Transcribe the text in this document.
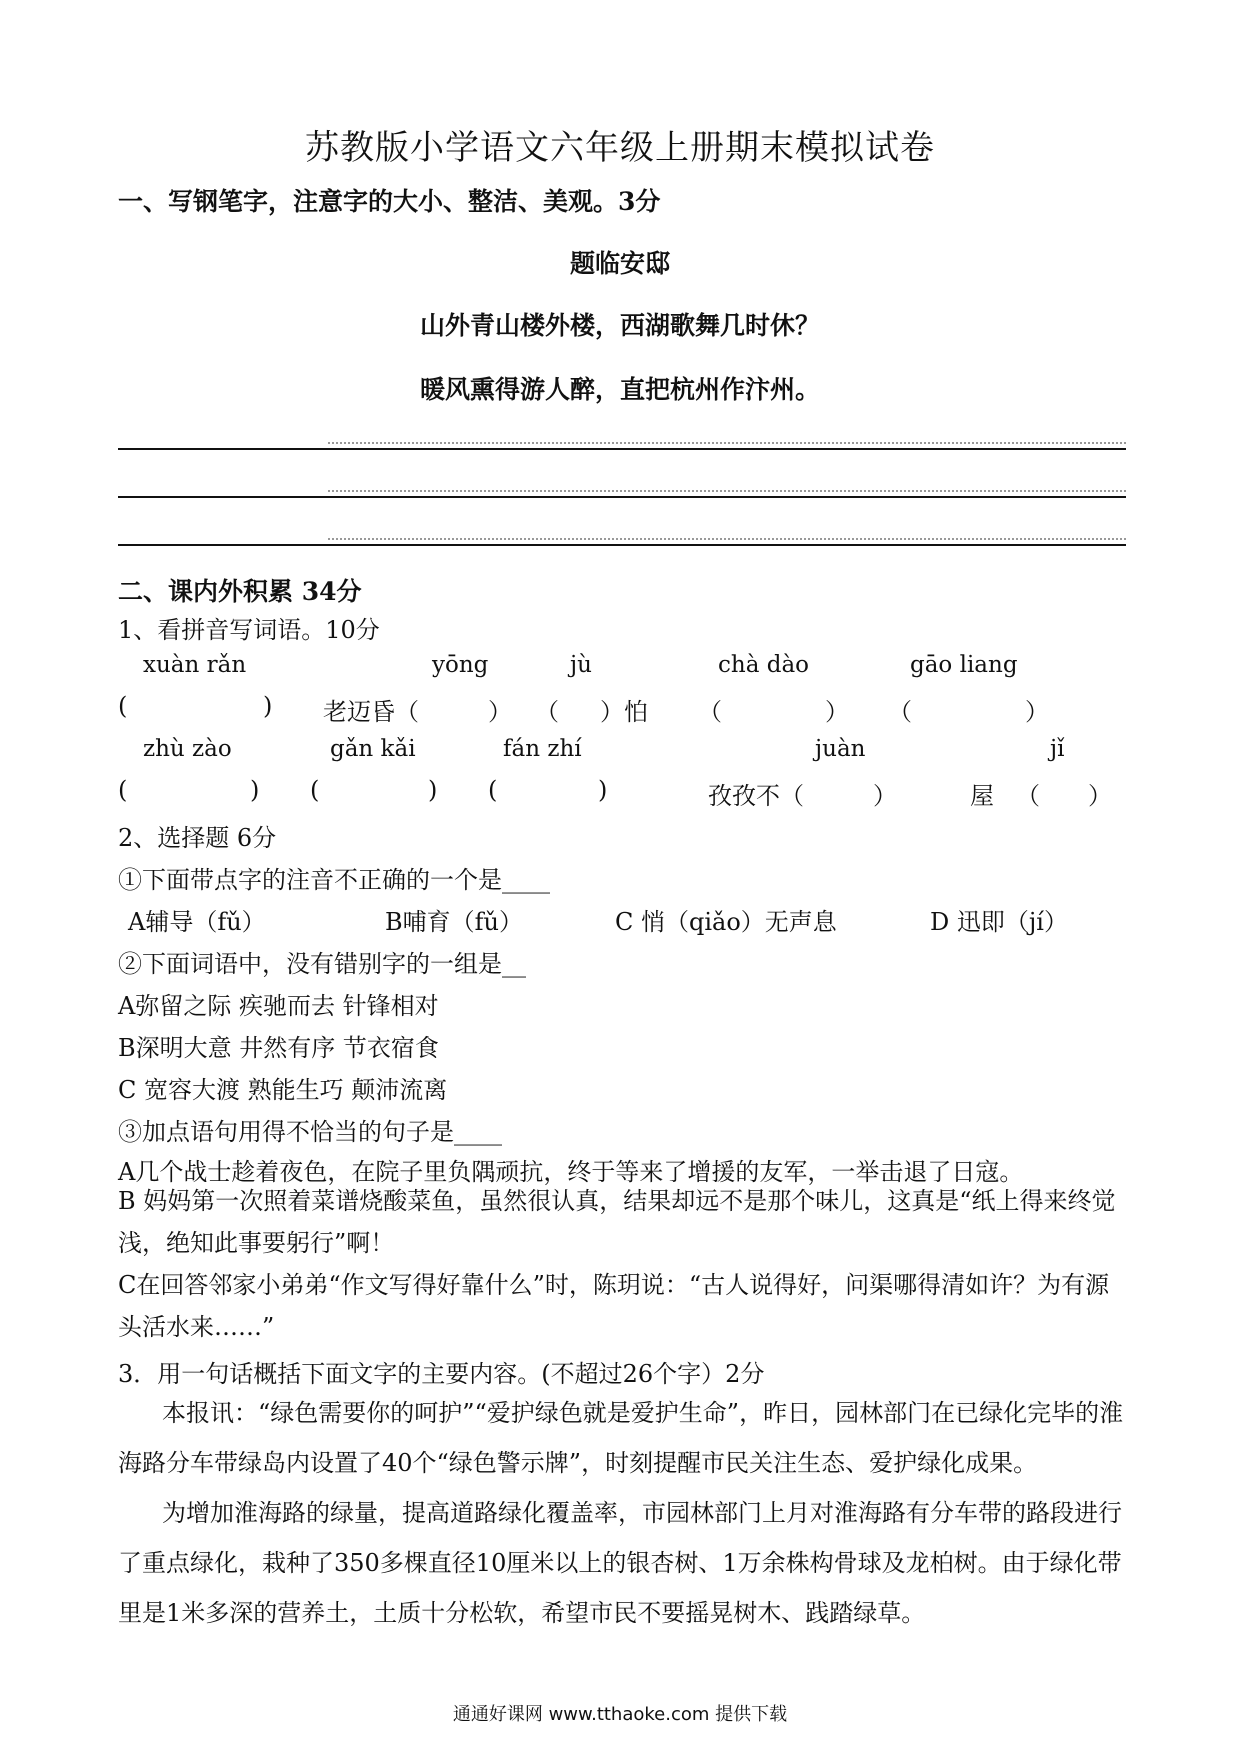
苏教版小学语文六年级上册期末模拟试卷
一、写钢笔字，注意字的大小、整洁、美观。3分
题临安邸
山外青山楼外楼，西湖歌舞几时休？
暖风熏得游人醉，直把杭州作汴州。
二、课内外积累 34分
1、看拼音写词语。10分
xuàn rǎn	yōng	jù	chà dào	gāo liang
(	) 老迈昏（	） （ ）怕 （	） （	）
zhù zào	gǎn kǎi	fán zhí	juàn	jǐ
(	) (	) (	)	孜孜不（	）	屋 （ ）
2、选择题 6分
①下面带点字的注音不正确的一个是____
A辅导（fǔ）	B哺育（fǔ）	C 悄（qiǎo）无声息	D 迅即（jí）
②下面词语中，没有错别字的一组是__
A弥留之际 疾驰而去 针锋相对
B深明大意 井然有序 节衣宿食
C 宽容大渡 熟能生巧 颠沛流离
③加点语句用得不恰当的句子是____
A几个战士趁着夜色，在院子里负隅顽抗，终于等来了增援的友军，一举击退了日寇。
B 妈妈第一次照着菜谱烧酸菜鱼，虽然很认真，结果却远不是那个味儿，这真是“纸上得来终觉浅，绝知此事要躬行”啊！
C在回答邻家小弟弟“作文写得好靠什么”时，陈玥说：“古人说得好，问渠哪得清如许？为有源头活水来……”
3．用一句话概括下面文字的主要内容。(不超过26个字）2分
本报讯：“绿色需要你的呵护”“爱护绿色就是爱护生命”，昨日，园林部门在已绿化完毕的淮海路分车带绿岛内设置了40个“绿色警示牌”，时刻提醒市民关注生态、爱护绿化成果。
为增加淮海路的绿量，提高道路绿化覆盖率，市园林部门上月对淮海路有分车带的路段进行了重点绿化，栽种了350多棵直径10厘米以上的银杏树、1万余株构骨球及龙柏树。由于绿化带里是1米多深的营养土，土质十分松软，希望市民不要摇晃树木、践踏绿草。
通通好课网 www.tthaoke.com 提供下载
